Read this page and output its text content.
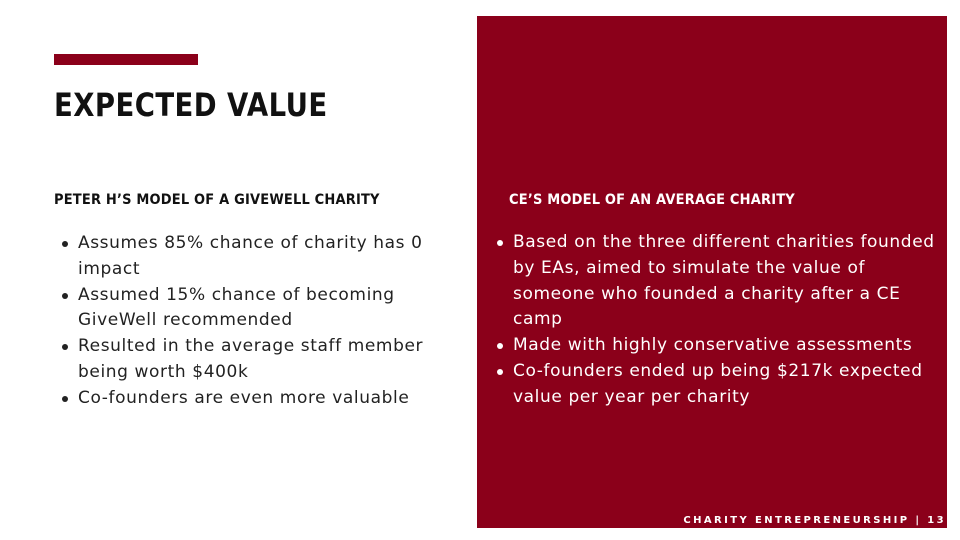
EXPECTED VALUE
PETER H’S MODEL OF A GIVEWELL CHARITY
Assumes 85% chance of charity has 0 impact
Assumed 15% chance of becoming GiveWell recommended
Resulted in the average staff member being worth $400k
Co-founders are even more valuable
CE’S MODEL OF AN AVERAGE CHARITY
Based on the three different charities founded by EAs, aimed to simulate the value of someone who founded a charity after a CE camp
Made with highly conservative assessments
Co-founders ended up being $217k expected value per year per charity

CHARITY ENTREPRENEURSHIP | 13
